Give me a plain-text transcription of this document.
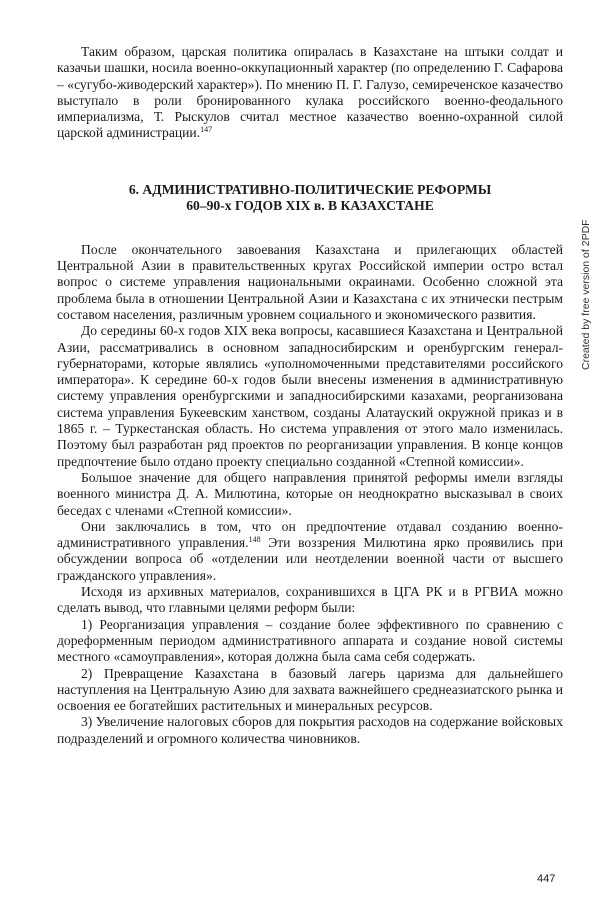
Таким образом, царская политика опиралась в Казахстане на штыки солдат и казачьи шашки, носила военно-оккупационный характер (по определению Г. Сафарова – «сугубо-живодерский характер»). По мнению П. Г. Галузо, семиреченское казачество выступало в роли бронированного кулака российского военно-феодального империализма, Т. Рыскулов считал местное казачество военно-охранной силой царской администрации.$^{147}$

6. АДМИНИСТРАТИВНО-ПОЛИТИЧЕСКИЕ РЕФОРМЫ
60–90-х ГОДОВ XIX в. В КАЗАХСТАНЕ

После окончательного завоевания Казахстана и прилегающих областей Центральной Азии в правительственных кругах Российской империи остро встал вопрос о системе управления национальными окраинами. Особенно сложной эта проблема была в отношении Центральной Азии и Казахстана с их этнически пестрым составом населения, различным уровнем социального и экономического развития.

До середины 60-х годов XIX века вопросы, касавшиеся Казахстана и Центральной Азии, рассматривались в основном западносибирским и оренбургским генерал-губернаторами, которые являлись «уполномоченными представителями российского императора». К середине 60-х годов были внесены изменения в административную систему управления оренбургскими и западносибирскими казахами, реорганизована система управления Букеевским ханством, созданы Алатауский окружной приказ и в 1865 г. – Туркестанская область. Но система управления от этого мало изменилась. Поэтому был разработан ряд проектов по реорганизации управления. В конце концов предпочтение было отдано проекту специально созданной «Степной комиссии».

Большое значение для общего направления принятой реформы имели взгляды военного министра Д. А. Милютина, которые он неоднократно высказывал в своих беседах с членами «Степной комиссии».

Они заключались в том, что он предпочтение отдавал созданию военно-административного управления.$^{148}$ Эти воззрения Милютина ярко проявились при обсуждении вопроса об «отделении или неотделении военной части от высшего гражданского управления».

Исходя из архивных материалов, сохранившихся в ЦГА РК и в РГВИА можно сделать вывод, что главными целями реформ были:

1) Реорганизация управления – создание более эффективного по сравнению с дореформенным периодом административного аппарата и создание новой системы местного «самоуправления», которая должна была сама себя содержать.

2) Превращение Казахстана в базовый лагерь царизма для дальнейшего наступления на Центральную Азию для захвата важнейшего среднеазиатского рынка и освоения ее богатейших растительных и минеральных ресурсов.

3) Увеличение налоговых сборов для покрытия расходов на содержание войсковых подразделений и огромного количества чиновников.

Created by free version of 2PDF
447
